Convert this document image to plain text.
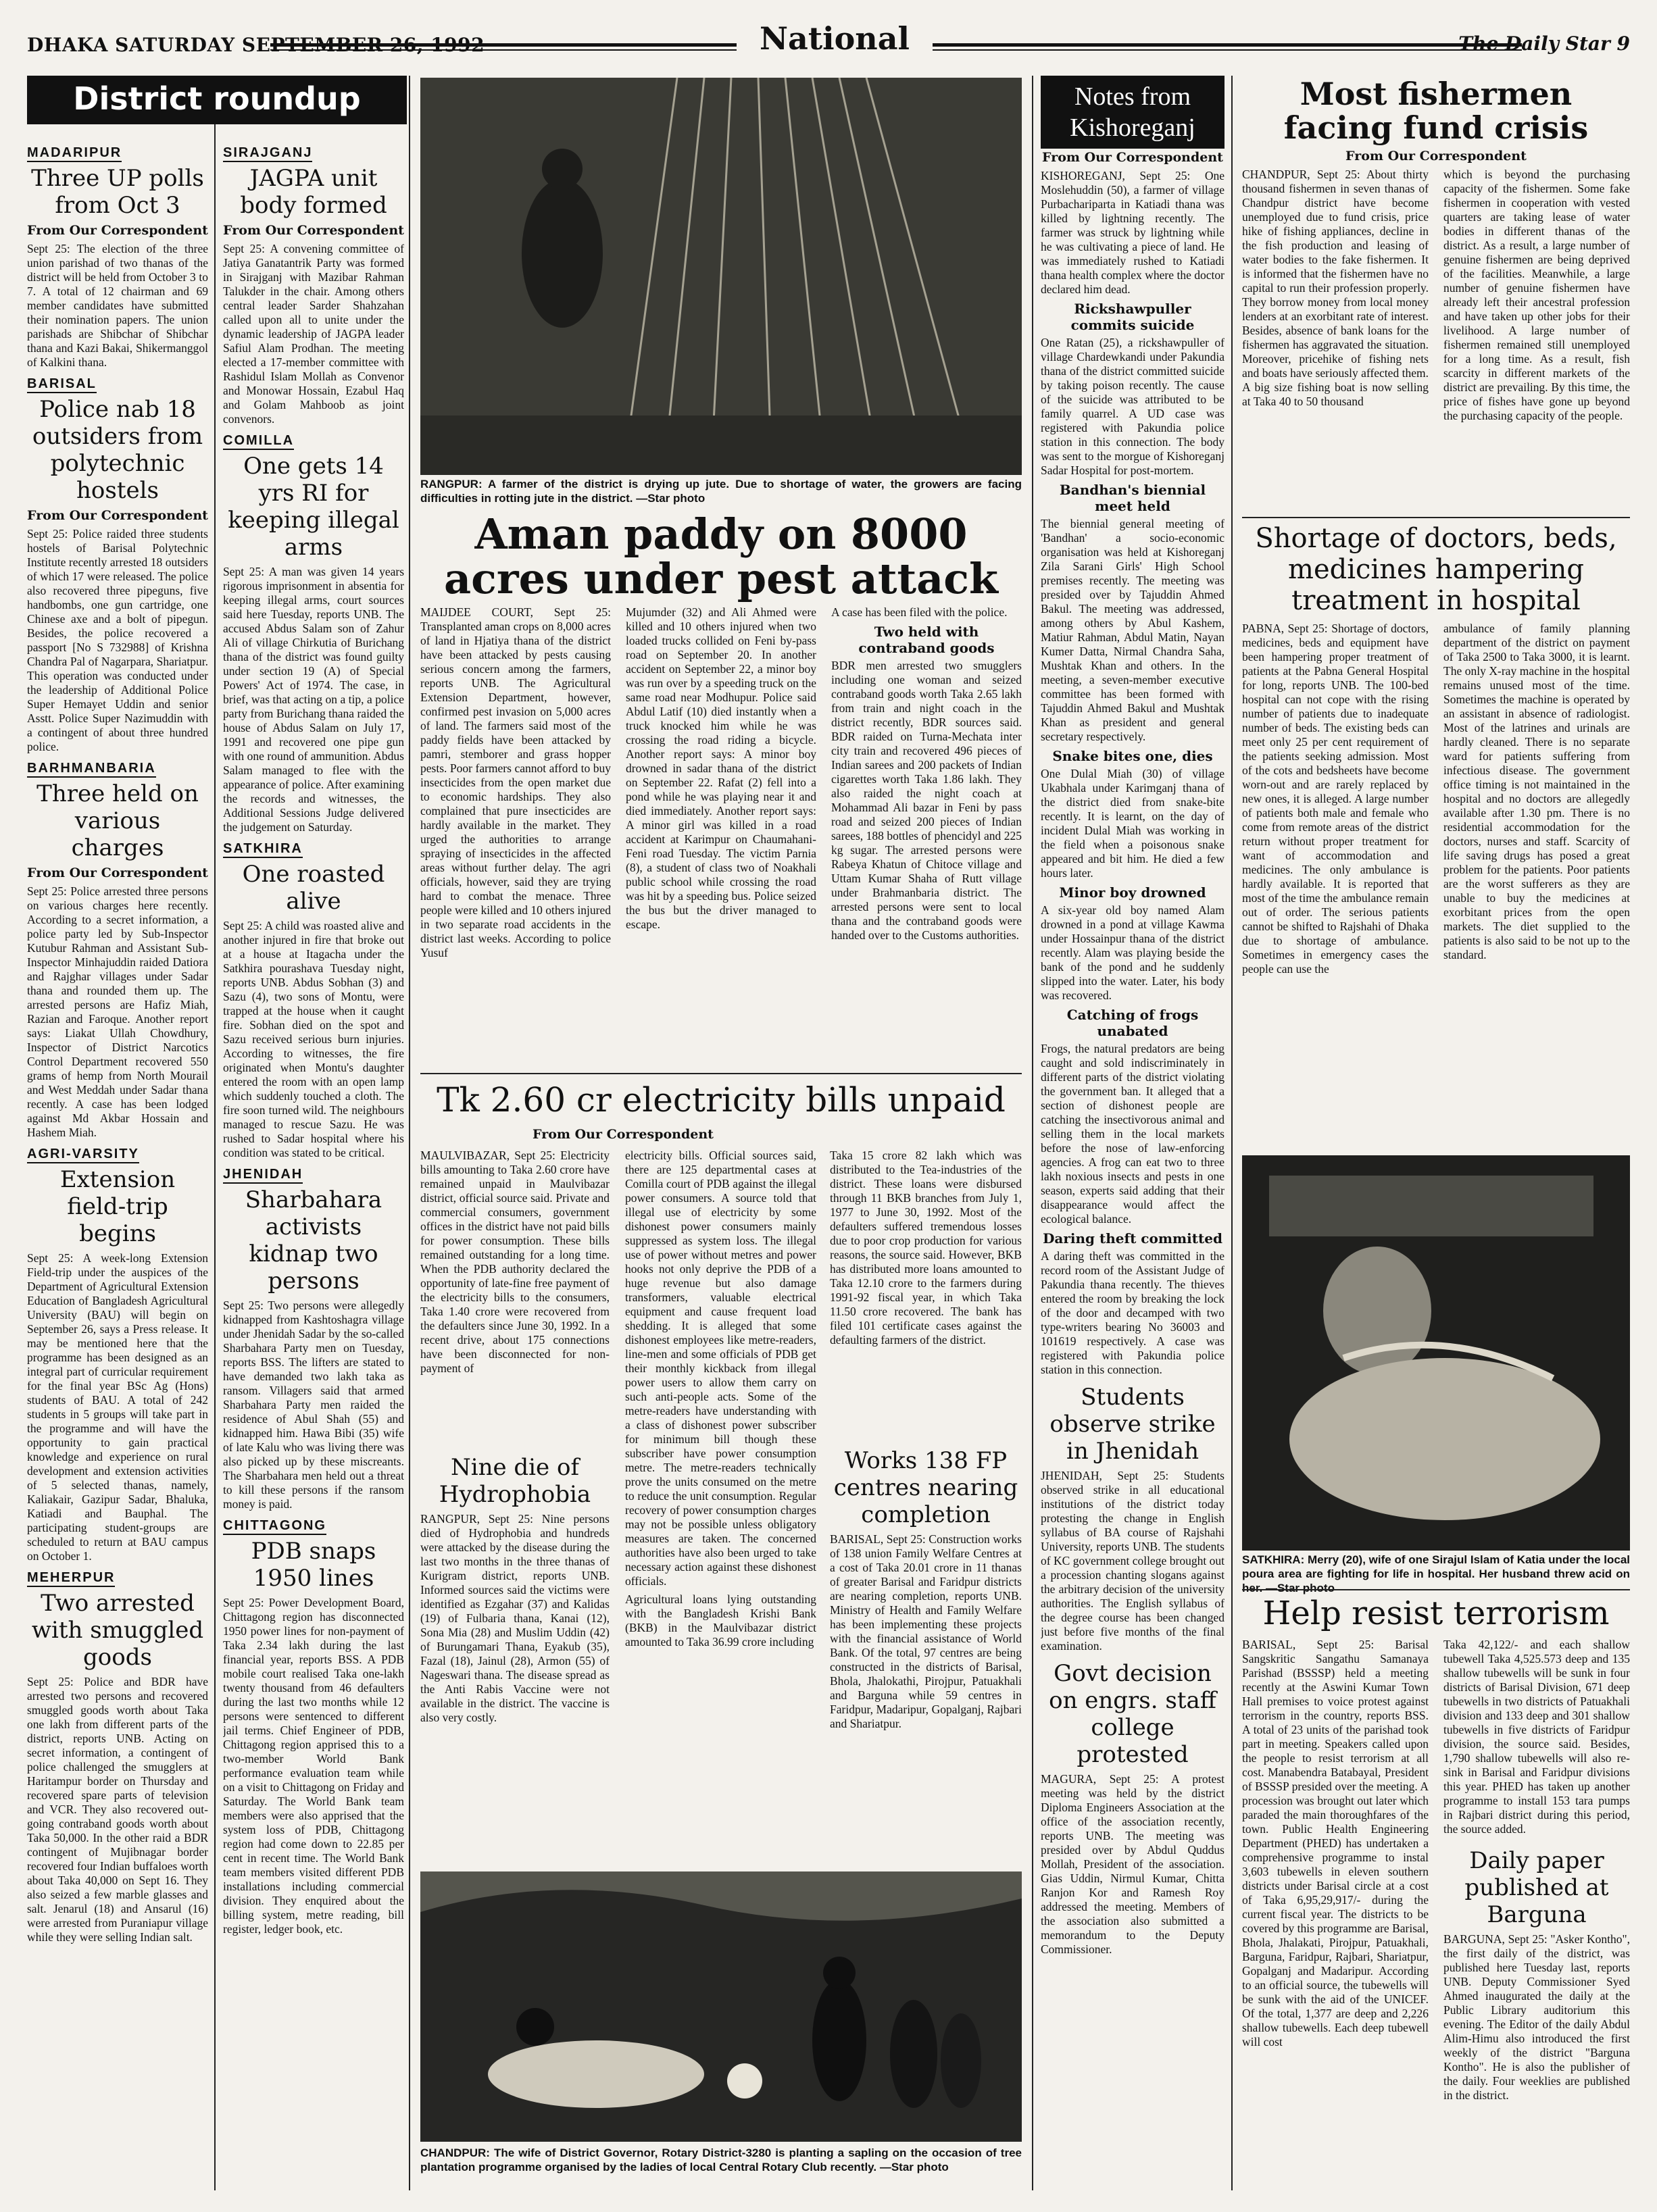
DHAKA SATURDAY SEPTEMBER 26, 1992	National	The Daily Star 9
District roundup
MADARIPUR
Three UP polls from Oct 3
From Our Correspondent

Sept 25: The election of the three union parishad of two thanas of the district will be held from October 3 to 7. A total of 12 chairman and 69 member candidates have submitted their nomination papers. The union parishads are Shibchar of Shibchar thana and Kazi Bakai, Shikermanggol of Kalkini thana.

BARISAL
Police nab 18 outsiders from polytechnic hostels
From Our Correspondent

Sept 25: Police raided three students hostels of Barisal Polytechnic Institute recently arrested 18 outsiders of which 17 were released. The police also recovered three pipeguns, five handbombs, one gun cartridge, one Chinese axe and a bolt of pipegun. Besides, the police recovered a passport [No S 732988] of Krishna Chandra Pal of Nagarpara, Shariatpur. This operation was conducted under the leadership of Additional Police Super Hemayet Uddin and senior Asstt. Police Super Nazimuddin with a contingent of about three hundred police.

BARHMANBARIA
Three held on various charges
From Our Correspondent

Sept 25: Police arrested three persons on various charges here recently. According to a secret information, a police party led by Sub-Inspector Kutubur Rahman and Assistant Sub-Inspector Minhajuddin raided Datiora and Rajghar villages under Sadar thana and rounded them up. The arrested persons are Hafiz Miah, Razian and Faroque. Another report says: Liakat Ullah Chowdhury, Inspector of District Narcotics Control Department recovered 550 grams of hemp from North Mourail and West Meddah under Sadar thana recently. A case has been lodged against Md Akbar Hossain and Hashem Miah.

AGRI-VARSITY
Extension field-trip begins

Sept 25: A week-long Extension Field-trip under the auspices of the Department of Agricultural Extension Education of Bangladesh Agricultural University (BAU) will begin on September 26, says a Press release. It may be mentioned here that the programme has been designed as an integral part of curricular requirement for the final year BSc Ag (Hons) students of BAU. A total of 242 students in 5 groups will take part in the programme and will have the opportunity to gain practical knowledge and experience on rural development and extension activities of 5 selected thanas, namely, Kaliakair, Gazipur Sadar, Bhaluka, Katiadi and Bauphal. The participating student-groups are scheduled to return at BAU campus on October 1.

MEHERPUR
Two arrested with smuggled goods

Sept 25: Police and BDR have arrested two persons and recovered smuggled goods worth about Taka one lakh from different parts of the district, reports UNB. Acting on secret information, a contingent of police challenged the smugglers at Haritampur border on Thursday and recovered spare parts of television and VCR. They also recovered out-going contraband goods worth about Taka 50,000. In the other raid a BDR contingent of Mujibnagar border recovered four Indian buffaloes worth about Taka 40,000 on Sept 16. They also seized a few marble glasses and salt. Jenarul (18) and Ansarul (16) were arrested from Puraniapur village while they were selling Indian salt.

SIRAJGANJ
JAGPA unit body formed
From Our Correspondent

Sept 25: A convening committee of Jatiya Ganatantrik Party was formed in Sirajganj with Mazibar Rahman Talukder in the chair. Among others central leader Sarder Shahzahan called upon all to unite under the dynamic leadership of JAGPA leader Safiul Alam Prodhan. The meeting elected a 17-member committee with Rashidul Islam Mollah as Convenor and Monowar Hossain, Ezabul Haq and Golam Mahboob as joint convenors.

COMILLA
One gets 14 yrs RI for keeping illegal arms

Sept 25: A man was given 14 years rigorous imprisonment in absentia for keeping illegal arms, court sources said here Tuesday, reports UNB. The accused Abdus Salam son of Zahur Ali of village Chirkutia of Burichang thana of the district was found guilty under section 19 (A) of Special Powers' Act of 1974. The case, in brief, was that acting on a tip, a police party from Burichang thana raided the house of Abdus Salam on July 17, 1991 and recovered one pipe gun with one round of ammunition. Abdus Salam managed to flee with the appearance of police. After examining the records and witnesses, the Additional Sessions Judge delivered the judgement on Saturday.

SATKHIRA
One roasted alive

Sept 25: A child was roasted alive and another injured in fire that broke out at a house at Itagacha under the Satkhira pourashava Tuesday night, reports UNB. Abdus Sobhan (3) and Sazu (4), two sons of Montu, were trapped at the house when it caught fire. Sobhan died on the spot and Sazu received serious burn injuries. According to witnesses, the fire originated when Montu's daughter entered the room with an open lamp which suddenly touched a cloth. The fire soon turned wild. The neighbours managed to rescue Sazu. He was rushed to Sadar hospital where his condition was stated to be critical.

JHENIDAH
Sharbahara activists kidnap two persons

Sept 25: Two persons were allegedly kidnapped from Kashtoshagra village under Jhenidah Sadar by the so-called Sharbahara Party men on Tuesday, reports BSS. The lifters are stated to have demanded two lakh taka as ransom. Villagers said that armed Sharbahara Party men raided the residence of Abul Shah (55) and kidnapped him. Hawa Bibi (35) wife of late Kalu who was living there was also picked up by these miscreants. The Sharbahara men held out a threat to kill these persons if the ransom money is paid.

CHITTAGONG
PDB snaps 1950 lines

Sept 25: Power Development Board, Chittagong region has disconnected 1950 power lines for non-payment of Taka 2.34 lakh during the last financial year, reports BSS. A PDB mobile court realised Taka one-lakh twenty thousand from 46 defaulters during the last two months while 12 persons were sentenced to different jail terms. Chief Engineer of PDB, Chittagong region apprised this to a two-member World Bank performance evaluation team while on a visit to Chittagong on Friday and Saturday. The World Bank team members were also apprised that the system loss of PDB, Chittagong region had come down to 22.85 per cent in recent time. The World Bank team members visited different PDB installations including commercial division. They enquired about the billing system, metre reading, bill register, ledger book, etc.

RANGPUR: A farmer of the district is drying up jute. Due to shortage of water, the growers are facing difficulties in rotting jute in the district. —Star photo
Aman paddy on 8000 acres under pest attack

MAIJDEE COURT, Sept 25: Transplanted aman crops on 8,000 acres of land in Hjatiya thana of the district have been attacked by pests causing serious concern among the farmers, reports UNB. The Agricultural Extension Department, however, confirmed pest invasion on 5,000 acres of land. The farmers said most of the paddy fields have been attacked by pamri, stemborer and grass hopper pests. Poor farmers cannot afford to buy insecticides from the open market due to economic hardships. They also complained that pure insecticides are hardly available in the market. They urged the authorities to arrange spraying of insecticides in the affected areas without further delay. The agri officials, however, said they are trying hard to combat the menace. Three people were killed and 10 others injured in two separate road accidents in the district last weeks. According to police Yusuf

Mujumder (32) and Ali Ahmed were killed and 10 others injured when two loaded trucks collided on Feni by-pass road on September 20. In another accident on September 22, a minor boy was run over by a speeding truck on the same road near Modhupur. Police said Abdul Latif (10) died instantly when a truck knocked him while he was crossing the road riding a bicycle. Another report says: A minor boy drowned in sadar thana of the district on September 22. Rafat (2) fell into a pond while he was playing near it and died immediately. Another report says: A minor girl was killed in a road accident at Karimpur on Chaumahani-Feni road Tuesday. The victim Parnia (8), a student of class two of Noakhali public school while crossing the road was hit by a speeding bus. Police seized the bus but the driver managed to escape.

A case has been filed with the police.

Two held with contraband goods

BDR men arrested two smugglers including one woman and seized contraband goods worth Taka 2.65 lakh from train and night coach in the district recently, BDR sources said. BDR raided on Turna-Mechata inter city train and recovered 496 pieces of Indian sarees and 200 packets of Indian cigarettes worth Taka 1.86 lakh. They also raided the night coach at Mohammad Ali bazar in Feni by pass road and seized 200 pieces of Indian sarees, 188 bottles of phencidyl and 225 kg sugar. The arrested persons were Rabeya Khatun of Chitoce village and Uttam Kumar Shaha of Rutt village under Brahmanbaria district. The arrested persons were sent to local thana and the contraband goods were handed over to the Customs authorities.

Tk 2.60 cr electricity bills unpaid
From Our Correspondent

MAULVIBAZAR, Sept 25: Electricity bills amounting to Taka 2.60 crore have remained unpaid in Maulvibazar district, official source said. Private and commercial consumers, government offices in the district have not paid bills for power consumption. These bills remained outstanding for a long time. When the PDB authority declared the opportunity of late-fine free payment of the electricity bills to the consumers, Taka 1.40 crore were recovered from the defaulters since June 30, 1992. In a recent drive, about 175 connections have been disconnected for non-payment of

Nine die of Hydrophobia

RANGPUR, Sept 25: Nine persons died of Hydrophobia and hundreds were attacked by the disease during the last two months in the three thanas of Kurigram district, reports UNB. Informed sources said the victims were identified as Ezgahar (37) and Kalidas (19) of Fulbaria thana, Kanai (12), Sona Mia (28) and Muslim Uddin (42) of Burungamari Thana, Eyakub (35), Fazal (18), Jainul (28), Armon (55) of Nageswari thana. The disease spread as the Anti Rabis Vaccine were not available in the district. The vaccine is also very costly.

electricity bills. Official sources said, there are 125 departmental cases at Comilla court of PDB against the illegal power consumers. A source told that illegal use of electricity by some dishonest power consumers mainly suppressed as system loss. The illegal use of power without metres and power hooks not only deprive the PDB of a huge revenue but also damage transformers, valuable electrical equipment and cause frequent load shedding. It is alleged that some dishonest employees like metre-readers, line-men and some officials of PDB get their monthly kickback from illegal power users to allow them carry on such anti-people acts. Some of the metre-readers have understanding with a class of dishonest power subscriber for minimum bill though these subscriber have power consumption metre. The metre-readers technically prove the units consumed on the metre to reduce the unit consumption. Regular recovery of power consumption charges may not be possible unless obligatory measures are taken. The concerned authorities have also been urged to take necessary action against these dishonest officials.

Agricultural loans lying outstanding with the Bangladesh Krishi Bank (BKB) in the Maulvibazar district amounted to Taka 36.99 crore including

Taka 15 crore 82 lakh which was distributed to the Tea-industries of the district. These loans were disbursed through 11 BKB branches from July 1, 1977 to June 30, 1992. Most of the defaulters suffered tremendous losses due to poor crop production for various reasons, the source said. However, BKB has distributed more loans amounted to Taka 12.10 crore to the farmers during 1991-92 fiscal year, in which Taka 11.50 crore recovered. The bank has filed 101 certificate cases against the defaulting farmers of the district.

Works 138 FP centres nearing completion

BARISAL, Sept 25: Construction works of 138 union Family Welfare Centres at a cost of Taka 20.01 crore in 11 thanas of greater Barisal and Faridpur districts are nearing completion, reports UNB. Ministry of Health and Family Welfare has been implementing these projects with the financial assistance of World Bank. Of the total, 97 centres are being constructed in the districts of Barisal, Bhola, Jhalokathi, Pirojpur, Patuakhali and Barguna while 59 centres in Faridpur, Madaripur, Gopalganj, Rajbari and Shariatpur.

CHANDPUR: The wife of District Governor, Rotary District-3280 is planting a sapling on the occasion of tree plantation programme organised by the ladies of local Central Rotary Club recently. —Star photo
Notes from Kishoreganj
From Our Correspondent

KISHOREGANJ, Sept 25: One Moslehuddin (50), a farmer of village Purbachariparta in Katiadi thana was killed by lightning recently. The farmer was struck by lightning while he was cultivating a piece of land. He was immediately rushed to Katiadi thana health complex where the doctor declared him dead.

Rickshawpuller commits suicide

One Ratan (25), a rickshawpuller of village Chardewkandi under Pakundia thana of the district committed suicide by taking poison recently. The cause of the suicide was attributed to be family quarrel. A UD case was registered with Pakundia police station in this connection. The body was sent to the morgue of Kishoreganj Sadar Hospital for post-mortem.

Bandhan's biennial meet held

The biennial general meeting of 'Bandhan' a socio-economic organisation was held at Kishoreganj Zila Sarani Girls' High School premises recently. The meeting was presided over by Tajuddin Ahmed Bakul. The meeting was addressed, among others by Abul Kashem, Matiur Rahman, Abdul Matin, Nayan Kumer Datta, Nirmal Chandra Saha, Mushtak Khan and others. In the meeting, a seven-member executive committee has been formed with Tajuddin Ahmed Bakul and Mushtak Khan as president and general secretary respectively.

Snake bites one, dies

One Dulal Miah (30) of village Ukabhala under Karimganj thana of the district died from snake-bite recently. It is learnt, on the day of incident Dulal Miah was working in the field when a poisonous snake appeared and bit him. He died a few hours later.

Minor boy drowned

A six-year old boy named Alam drowned in a pond at village Kawma under Hossainpur thana of the district recently. Alam was playing beside the bank of the pond and he suddenly slipped into the water. Later, his body was recovered.

Catching of frogs unabated

Frogs, the natural predators are being caught and sold indiscriminately in different parts of the district violating the government ban. It alleged that a section of dishonest people are catching the insectivorous animal and selling them in the local markets before the nose of law-enforcing agencies. A frog can eat two to three lakh noxious insects and pests in one season, experts said adding that their disappearance would affect the ecological balance.

Daring theft committed

A daring theft was committed in the record room of the Assistant Judge of Pakundia thana recently. The thieves entered the room by breaking the lock of the door and decamped with two type-writers bearing No 36003 and 101619 respectively. A case was registered with Pakundia police station in this connection.

Students observe strike in Jhenidah

JHENIDAH, Sept 25: Students observed strike in all educational institutions of the district today protesting the change in English syllabus of BA course of Rajshahi University, reports UNB. The students of KC government college brought out a procession chanting slogans against the arbitrary decision of the university authorities. The English syllabus of the degree course has been changed just before five months of the final examination.

Govt decision on engrs. staff college protested

MAGURA, Sept 25: A protest meeting was held by the district Diploma Engineers Association at the office of the association recently, reports UNB. The meeting was presided over by Abdul Quddus Mollah, President of the association. Gias Uddin, Nirmul Kumar, Chitta Ranjon Kor and Ramesh Roy addressed the meeting. Members of the association also submitted a memorandum to the Deputy Commissioner.

Most fishermen facing fund crisis
From Our Correspondent

CHANDPUR, Sept 25: About thirty thousand fishermen in seven thanas of Chandpur district have become unemployed due to fund crisis, price hike of fishing appliances, decline in the fish production and leasing of water bodies to the fake fishermen. It is informed that the fishermen have no capital to run their profession properly. They borrow money from local money lenders at an exorbitant rate of interest. Besides, absence of bank loans for the fishermen has aggravated the situation. Moreover, pricehike of fishing nets and boats have seriously affected them. A big size fishing boat is now selling at Taka 40 to 50 thousand

which is beyond the purchasing capacity of the fishermen. Some fake fishermen in cooperation with vested quarters are taking lease of water bodies in different thanas of the district. As a result, a large number of genuine fishermen are being deprived of the facilities. Meanwhile, a large number of genuine fishermen have already left their ancestral profession and have taken up other jobs for their livelihood. A large number of fishermen remained still unemployed for a long time. As a result, fish scarcity in different markets of the district are prevailing. By this time, the price of fishes have gone up beyond the purchasing capacity of the people.

Shortage of doctors, beds, medicines hampering treatment in hospital

PABNA, Sept 25: Shortage of doctors, medicines, beds and equipment have been hampering proper treatment of patients at the Pabna General Hospital for long, reports UNB. The 100-bed hospital can not cope with the rising number of patients due to inadequate number of beds. The existing beds can meet only 25 per cent requirement of the patients seeking admission. Most of the cots and bedsheets have become worn-out and are rarely replaced by new ones, it is alleged. A large number of patients both male and female who come from remote areas of the district return without proper treatment for want of accommodation and medicines. The only ambulance is hardly available. It is reported that most of the time the ambulance remain out of order. The serious patients cannot be shifted to Rajshahi of Dhaka due to shortage of ambulance. Sometimes in emergency cases the people can use the

ambulance of family planning department of the district on payment of Taka 2500 to Taka 3000, it is learnt. The only X-ray machine in the hospital remains unused most of the time. Sometimes the machine is operated by an assistant in absence of radiologist. Most of the latrines and urinals are hardly cleaned. There is no separate ward for patients suffering from infectious disease. The government office timing is not maintained in the hospital and no doctors are allegedly available after 1.30 pm. There is no residential accommodation for the doctors, nurses and staff. Scarcity of life saving drugs has posed a great problem for the patients. Poor patients are the worst sufferers as they are unable to buy the medicines at exorbitant prices from the open markets. The diet supplied to the patients is also said to be not up to the standard.

SATKHIRA: Merry (20), wife of one Sirajul Islam of Katia under the local poura area are fighting for life in hospital. Her husband threw acid on her. —Star photo
Help resist terrorism

BARISAL, Sept 25: Barisal Sangskritic Sangathu Samanaya Parishad (BSSSP) held a meeting recently at the Aswini Kumar Town Hall premises to voice protest against terrorism in the country, reports BSS. A total of 23 units of the parishad took part in meeting. Speakers called upon the people to resist terrorism at all cost. Manabendra Batabayal, President of BSSSP presided over the meeting. A procession was brought out later which paraded the main thoroughfares of the town. Public Health Engineering Department (PHED) has undertaken a comprehensive programme to instal 3,603 tubewells in eleven southern districts under Barisal circle at a cost of Taka 6,95,29,917/- during the current fiscal year. The districts to be covered by this programme are Barisal, Bhola, Jhalakati, Pirojpur, Patuakhali, Barguna, Faridpur, Rajbari, Shariatpur, Gopalganj and Madaripur. According to an official source, the tubewells will be sunk with the aid of the UNICEF. Of the total, 1,377 are deep and 2,226 shallow tubewells. Each deep tubewell will cost

Taka 42,122/- and each shallow tubewell Taka 4,525.573 deep and 135 shallow tubewells will be sunk in four districts of Barisal Division, 671 deep tubewells in two districts of Patuakhali division and 133 deep and 301 shallow tubewells in five districts of Faridpur division, the source said. Besides, 1,790 shallow tubewells will also re-sink in Barisal and Faridpur divisions this year. PHED has taken up another programme to install 153 tara pumps in Rajbari district during this period, the source added.

Daily paper published at Barguna

BARGUNA, Sept 25: "Asker Kontho", the first daily of the district, was published here Tuesday last, reports UNB. Deputy Commissioner Syed Ahmed inaugurated the daily at the Public Library auditorium this evening. The Editor of the daily Abdul Alim-Himu also introduced the first weekly of the district "Barguna Kontho". He is also the publisher of the daily. Four weeklies are published in the district.
